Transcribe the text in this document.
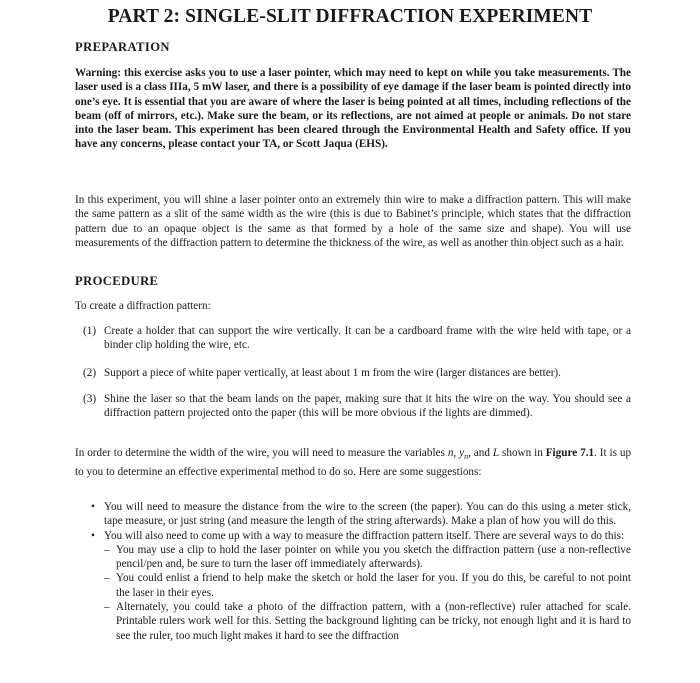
PART 2: SINGLE-SLIT DIFFRACTION EXPERIMENT
PREPARATION

Warning: this exercise asks you to use a laser pointer, which may need to kept on while you take measurements. The laser used is a class IIIa, 5 mW laser, and there is a possibility of eye damage if the laser beam is pointed directly into one’s eye. It is essential that you are aware of where the laser is being pointed at all times, including reflections of the beam (off of mirrors, etc.). Make sure the beam, or its reflections, are not aimed at people or animals. Do not stare into the laser beam. This experiment has been cleared through the Environmental Health and Safety office. If you have any concerns, please contact your TA, or Scott Jaqua (EHS).

In this experiment, you will shine a laser pointer onto an extremely thin wire to make a diffraction pattern. This will make the same pattern as a slit of the same width as the wire (this is due to Babinet’s principle, which states that the diffraction pattern due to an opaque object is the same as that formed by a hole of the same size and shape). You will use measurements of the diffraction pattern to determine the thickness of the wire, as well as another thin object such as a hair.

PROCEDURE

To create a diffraction pattern:

(1) Create a holder that can support the wire vertically. It can be a cardboard frame with the wire held with tape, or a binder clip holding the wire, etc.
(2) Support a piece of white paper vertically, at least about 1 m from the wire (larger distances are better).
(3) Shine the laser so that the beam lands on the paper, making sure that it hits the wire on the way. You should see a diffraction pattern projected onto the paper (this will be more obvious if the lights are dimmed).

In order to determine the width of the wire, you will need to measure the variables n, $y_n$, and L shown in Figure 7.1. It is up to you to determine an effective experimental method to do so. Here are some suggestions:

• You will need to measure the distance from the wire to the screen (the paper). You can do this using a meter stick, tape measure, or just string (and measure the length of the string afterwards). Make a plan of how you will do this.
• You will also need to come up with a way to measure the diffraction pattern itself. There are several ways to do this:
– You may use a clip to hold the laser pointer on while you you sketch the diffraction pattern (use a non-reflective pencil/pen and, be sure to turn the laser off immediately afterwards).
– You could enlist a friend to help make the sketch or hold the laser for you. If you do this, be careful to not point the laser in their eyes.
– Alternately, you could take a photo of the diffraction pattern, with a (non-reflective) ruler attached for scale. Printable rulers work well for this. Setting the background lighting can be tricky, not enough light and it is hard to see the ruler, too much light makes it hard to see the diffraction
